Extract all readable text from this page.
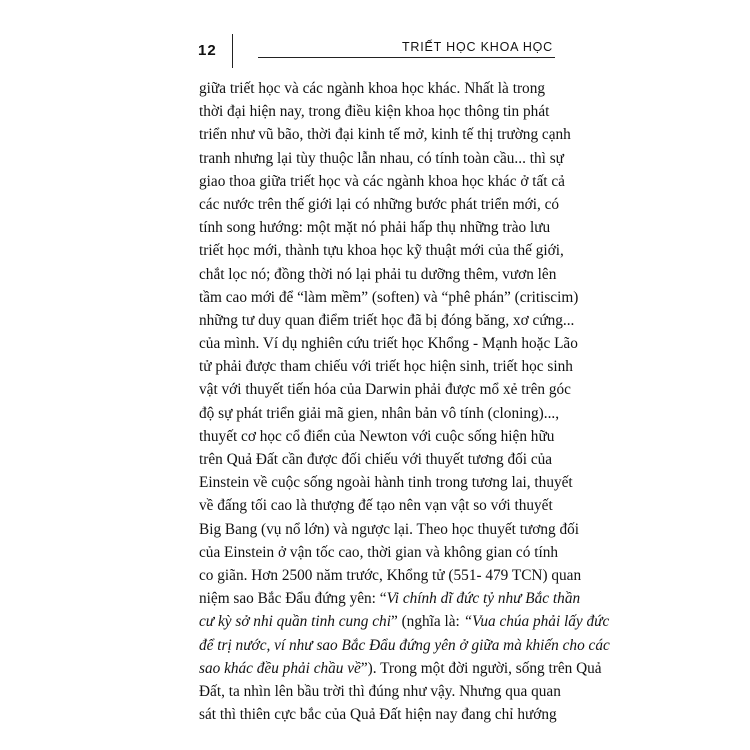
12	TRIẾT HỌC KHOA HỌC
giữa triết học và các ngành khoa học khác. Nhất là trong
thời đại hiện nay, trong điều kiện khoa học thông tin phát
triển như vũ bão, thời đại kinh tế mở, kinh tế thị trường cạnh
tranh nhưng lại tùy thuộc lẫn nhau, có tính toàn cầu... thì sự
giao thoa giữa triết học và các ngành khoa học khác ở tất cả
các nước trên thế giới lại có những bước phát triển mới, có
tính song hướng: một mặt nó phải hấp thụ những trào lưu
triết học mới, thành tựu khoa học kỹ thuật mới của thế giới,
chắt lọc nó; đồng thời nó lại phải tu dưỡng thêm, vươn lên
tầm cao mới để “làm mềm” (soften) và “phê phán” (critiscim)
những tư duy quan điểm triết học đã bị đóng băng, xơ cứng...
của mình. Ví dụ nghiên cứu triết học Khổng - Mạnh hoặc Lão
tử phải được tham chiếu với triết học hiện sinh, triết học sinh
vật với thuyết tiến hóa của Darwin phải được mổ xẻ trên góc
độ sự phát triển giải mã gien, nhân bản vô tính (cloning)...,
thuyết cơ học cổ điển của Newton với cuộc sống hiện hữu
trên Quả Đất cần được đối chiếu với thuyết tương đối của
Einstein về cuộc sống ngoài hành tinh trong tương lai, thuyết
về đấng tối cao là thượng đế tạo nên vạn vật so với thuyết
Big Bang (vụ nổ lớn) và ngược lại. Theo học thuyết tương đối
của Einstein ở vận tốc cao, thời gian và không gian có tính
co giãn. Hơn 2500 năm trước, Khổng tử (551- 479 TCN) quan
niệm sao Bắc Đẩu đứng yên: “Vi chính dĩ đức tỷ như Bắc thần
cư kỳ sở nhi quần tinh cung chi” (nghĩa là: “Vua chúa phải lấy đức
để trị nước, ví như sao Bắc Đẩu đứng yên ở giữa mà khiến cho các
sao khác đều phải chầu về”). Trong một đời người, sống trên Quả
Đất, ta nhìn lên bầu trời thì đúng như vậy. Nhưng qua quan
sát thì thiên cực bắc của Quả Đất hiện nay đang chỉ hướng
